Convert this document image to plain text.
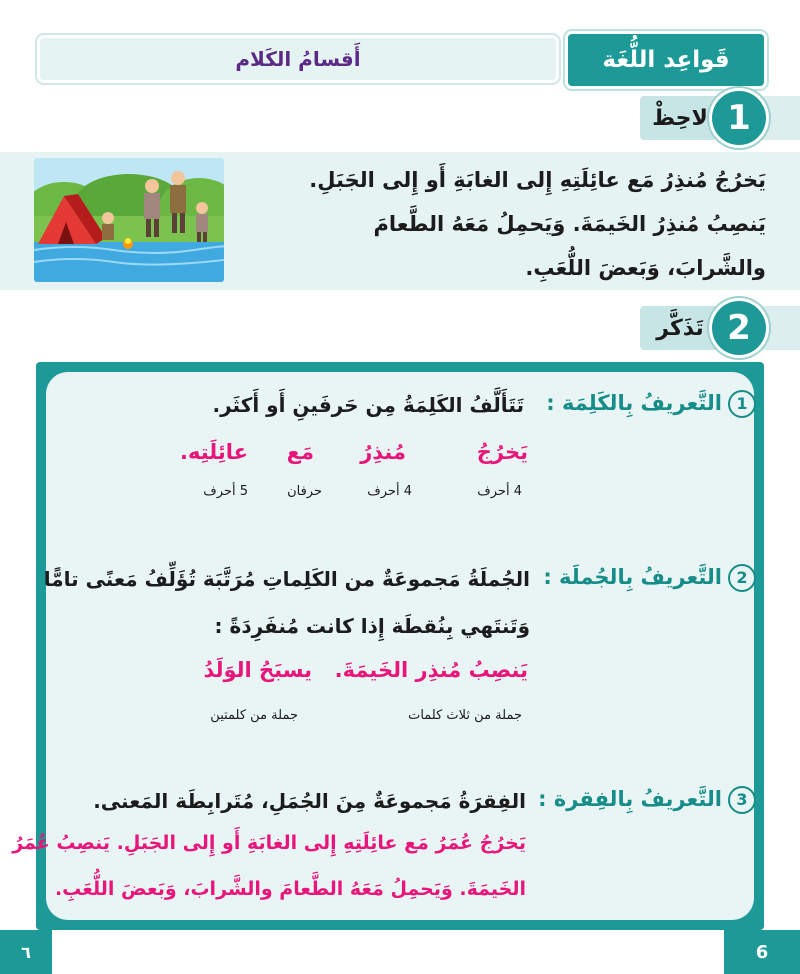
قَواعِد اللُّغَة
أَقسامُ الكَلام
لاحِظْ 1
يَخرُجُ مُنذِرُ مَع عائِلَتِهِ إِلى الغابَةِ أَو إِلى الجَبَلِ.
يَنصِبُ مُنذِرُ الخَيمَةَ. وَيَحمِلُ مَعَهُ الطَّعامَ
والشَّرابَ، وَبَعضَ اللُّعَبِ.
تَذَكَّر 2
1التَّعريفُ بِالكَلِمَة :
تَتَأَلَّفُ الكَلِمَةُ مِن حَرفَينِ أَو أَكثَر.
يَخرُجُ
مُنذِرُ
مَع
عائِلَتِه.
4 أحرف
4 أحرف
حرفان
5 أحرف
2التَّعريفُ بِالجُملَة :
الجُملَةُ مَجموعَةٌ من الكَلِماتِ مُرَتَّبَة تُؤَلِّفُ مَعنًى تامًّا
وَتَنتَهي بِنُقطَة إِذا كانت مُنفَرِدَةً :
يَنصِبُ مُنذِر الخَيمَةَ.
يسبَحُ الوَلَدُ
جملة من ثلاث كلمات
جملة من كلمتين
3التَّعريفُ بِالفِقرة :
الفِقرَةُ مَجموعَةٌ مِنَ الجُمَلِ، مُتَرابِطَة المَعنى.
يَخرُجُ عُمَرُ مَع عائِلَتِهِ إِلى الغابَةِ أَو إِلى الجَبَلِ. يَنصِبُ عُمَرُ
الخَيمَةَ. وَيَحمِلُ مَعَهُ الطَّعامَ والشَّرابَ، وَبَعضَ اللُّعَبِ.
6
٦
